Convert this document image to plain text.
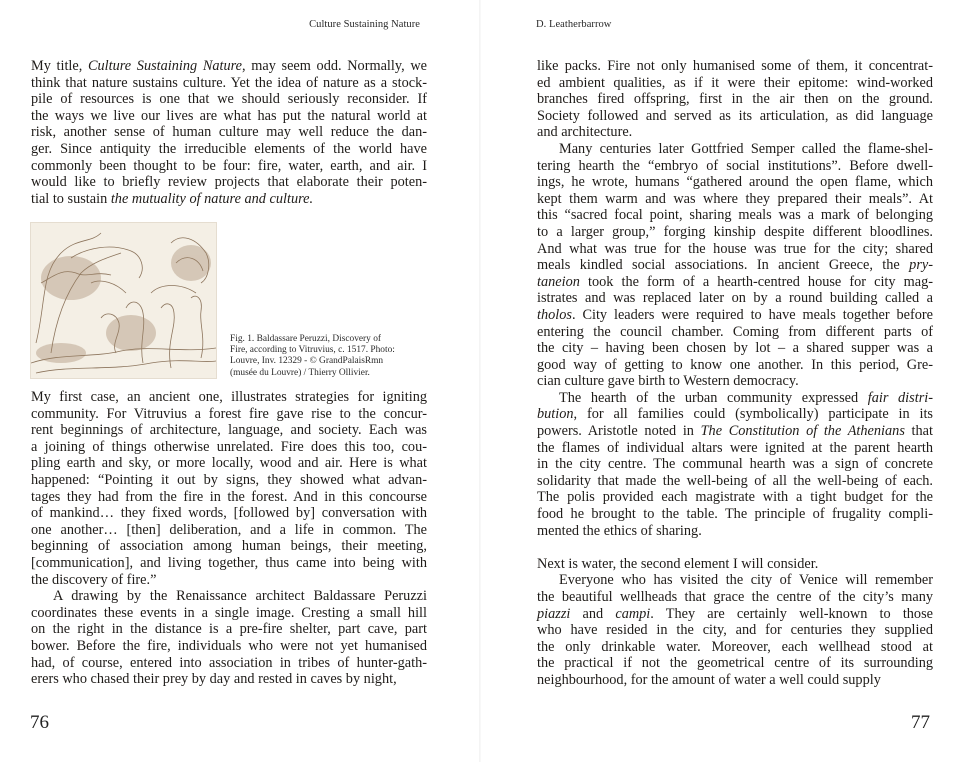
Culture Sustaining Nature
My title, Culture Sustaining Nature, may seem odd. Normally, we
think that nature sustains culture. Yet the idea of nature as a stock-
pile of resources is one that we should seriously reconsider. If
the ways we live our lives are what has put the natural world at
risk, another sense of human culture may well reduce the dan-
ger. Since antiquity the irreducible elements of the world have
commonly been thought to be four: fire, water, earth, and air. I
would like to briefly review projects that elaborate their poten-
tial to sustain the mutuality of nature and culture.
Fig. 1. Baldassare Peruzzi, Discovery of
Fire, according to Vitruvius, c. 1517. Photo:
Louvre, Inv. 12329 - © GrandPalaisRmn
(musée du Louvre) / Thierry Ollivier.
My first case, an ancient one, illustrates strategies for igniting
community. For Vitruvius a forest fire gave rise to the concur-
rent beginnings of architecture, language, and society. Each was
a joining of things otherwise unrelated. Fire does this too, cou-
pling earth and sky, or more locally, wood and air. Here is what
happened: “Pointing it out by signs, they showed what advan-
tages they had from the fire in the forest. And in this concourse
of mankind… they fixed words, [followed by] conversation with
one another… [then] deliberation, and a life in common. The
beginning of association among human beings, their meeting,
[communication], and living together, thus came into being with
the discovery of fire.”
A drawing by the Renaissance architect Baldassare Peruzzi
coordinates these events in a single image. Cresting a small hill
on the right in the distance is a pre-fire shelter, part cave, part
bower. Before the fire, individuals who were not yet humanised
had, of course, entered into association in tribes of hunter-gath-
erers who chased their prey by day and rested in caves by night,
76
D. Leatherbarrow
like packs. Fire not only humanised some of them, it concentrat-
ed ambient qualities, as if it were their epitome: wind-worked
branches fired offspring, first in the air then on the ground.
Society followed and served as its articulation, as did language
and architecture.
Many centuries later Gottfried Semper called the flame-shel-
tering hearth the “embryo of social institutions”. Before dwell-
ings, he wrote, humans “gathered around the open flame, which
kept them warm and was where they prepared their meals”. At
this “sacred focal point, sharing meals was a mark of belonging
to a larger group,” forging kinship despite different bloodlines.
And what was true for the house was true for the city; shared
meals kindled social associations. In ancient Greece, the pry-
taneion took the form of a hearth-centred house for city mag-
istrates and was replaced later on by a round building called a
tholos. City leaders were required to have meals together before
entering the council chamber. Coming from different parts of
the city – having been chosen by lot – a shared supper was a
good way of getting to know one another. In this period, Gre-
cian culture gave birth to Western democracy.
The hearth of the urban community expressed fair distri-
bution, for all families could (symbolically) participate in its
powers. Aristotle noted in The Constitution of the Athenians that
the flames of individual altars were ignited at the parent hearth
in the city centre. The communal hearth was a sign of concrete
solidarity that made the well-being of all the well-being of each.
The polis provided each magistrate with a tight budget for the
food he brought to the table. The principle of frugality compli-
mented the ethics of sharing.
Next is water, the second element I will consider.
Everyone who has visited the city of Venice will remember
the beautiful wellheads that grace the centre of the city’s many
piazzi and campi. They are certainly well-known to those
who have resided in the city, and for centuries they supplied
the only drinkable water. Moreover, each wellhead stood at
the practical if not the geometrical centre of its surrounding
neighbourhood, for the amount of water a well could supply
77
